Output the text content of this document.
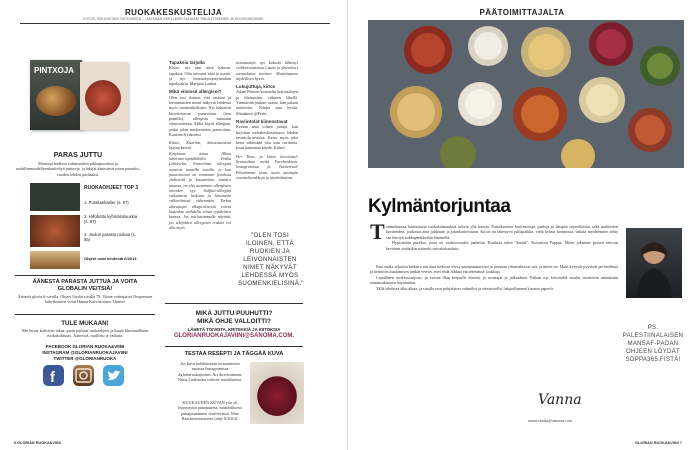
RUOKAKESKUSTELIJA
KIITOS, KIRJOISTASI TAITOVIISTA — JATKAAN EDELLEEN SALAMAT PALAUTTEENNE JA RUOKAIDEANNE
PINTXOJA
PARAS JUTTU
Monessa kodissa valmistettiin pikkupuustiini ja uudelleenuudelleenkasiteltyä pintxoja, ja lukijat äänestivät jutun paraaksi, vuoden lehden parhaaksi.
RUOKAOHJEET TOP 3
1. Purakankarlier (s. 57)
2. Hillobottu kyhmäsoluuskia (s. 87)
3. Joulun parasta ruokaa (s. 55)
Ohjeet ovat lehdestä 6/2014
ÄÄNESTÄ PARASTA JUTTUA JA VOITA
GLOBALIN VEITSIÄ!
Äänestä gloria.fi-sivulla. Ohjeet löydät sivulta 78. Viime voittajaiset Nespresson kahvikoneen voitti Hanna Koivistoinen. Onnea!
TULE MUKAAN!
Näe kuvat kulissien takaa, parin parhaat ruokaohjeet ja kuule klurinuullinen ruokakulttuuri. Ääneswä, osallistu ja vaikuta.
FACEBOOK GLORIAN RUOKA&VIINI
INSTAGRAM @GLORIANRUOKAJAVIINI
TWITTER @GLORIANRUOKA
f
Tapaksia tarjolla
Kiitos, nyt sain mitä halusin, tapaksia. Olin toivonut niitä jo useiin, ja nyt ilmeistäyssyntyimaltan tapaksiakin. Marjatta Laukas
Mikä viinissä allergisoi?
Olen tosi iloinen, että ruokien ja leivonnaisten nimet näkyvät lehdessä myös suomenkielisinä. Nyt haluaisin kirjoitettavan punaviinin (tem pranillo), allergista sanotaan viinituotteista. Mikä käytti allergian, jonka jalon mielasinnein punaviinin. Katriina Kyläniemi
Kiitos, Kaarina, kiinnostavasta kysymyksestä.
Kysyimme asiaa Alkon laboratoriopäälliköltä Pekka Lehtoselta. Punaviinin allergiat toimivat samalla tavalla, ja kun punaviinissä on enemmän fenolisia yhdisteitä ja histamiinia, muiden muassa, on yhä useammin allergisten oireiden syy. Sulfiitti-allergiat vaikuttavat laskuun ja histamiini valkoviinissä vähemmän. Tarkat aiheuttajat alkuperäisestä voivat kuitenkin vaihdella viinin rypäleiden kanssa. Jos mieluisimmalle näyttää, jos tekijöiden allerginen reaktio voi olla myös.
asiantuntija nyt kukaan lähtenyt verkkosivustonsa Listan ja yhtenäiset suomalaiset tuotteet. Muistiinpano täydellisen hyvin.
Lukujuttuja, kiitos
Adam Peteren kuunteltu kerjuutilojen ja tilaisuuden viihteen lähellä. Ymmärrän jonkun osasta, kun palaan tuotteisiin. Niinpä saat hyvää. Silmäänsä @Pertti
Raviintolat kiinnostavat
Kerään aina toinen juttuja, kun kirjoitan ruokakeskustelussa: lehden ravintola-arvioita. Kerro myös joka kerta vähintään yksi uusi ravintola, jossa kannattaa käydä. Kiitos!
Hei Tiina, ja kiitos toiveistasi! Seuraathan meitä Facebookissa, Instagramissa ja Twitterissä! Päivitämme sinne usein uusimpia ravintolavinkkejä ja ajankohtaista.
"OLEN TOSI ILOINEN, ETTÄ RUOKIEN JA LEIVONNAISTEN NIMET NÄKYVÄT LEHDESSÄ MYÖS SUOMENKIELISINÄ."
MIKÄ JUTTU PUUHUTTI?
MIKÄ OHJE VALLOITTI?
LÄHETÄ TOIVEITA, KRITIIKKIÄ JA KIITOKSIA
GLORIANRUOKAJAVIINI@SANOMA.COM.
TESTAA RESEPTI JA TÄGGÄÄ KUVA
Jos kuva kohdistetaan testaamiseen ruuassa Instagramissa #gloriaruokajaviini. Art directorimme Niina Lindström valitsee suosikkensa.
KUUKAUDEN KUVAN yön yli kypsynyttä punajuureta, mahdollisesti punajuuriamme sivuleivässä, Nina Bruckerosiaeteesta (ohje 6/2014).
6 GLORIAN RUOKA&VIINI
PÄÄTOIMITTAJALTA
Kylmäntorjuntaa
T ammikuussa harmittavat ruokakulmaukset tulivat yllä kassaa. Puistikuorten kortonottoja, paaluja ja lämpöä sujuvillaisiin sekä mahtavien koristeiden, joukossa aina juhlatuin ja jalankortteistaan. Kuiva on lähestyvä juhlapaikka, vielä kylmä luonnossa, vaikka myöhemmin tehty saa kiertyä kukkapenkkeihin lämmöllä.

Hypisitekin purkkia, jossa on vaahtoavaaksi jaaheitia. Etsitkiää takee "keuhk". Kuivattua Pappaa. Miten jokainen pyöreä tulevan keväisen sisäleikin sisäretki rasvakatsauksin.

Ensi muka sekaisin kaikuva sen aina tiedossa oleva tuumausmuotoni ja perunan ydinmahtavat sitä, ja miten on. Muut kysyvät pyytävät perheidensä ja keittiöön kuulumisen jonkin verran, ettei ehdä liikkua esittelemässä luukkuja.

Lopullinen ruokavuosijono, ja vaivaa illan kerjuulle kiertää, ja avustajat ja jalkaväkeä. Palkan nyt kriittisellä tavalla tuotteisiin mitenkään asianmukaiseen käytäntöön.

Tällä lehdessä alku alkaa, ja sinulla ovat pohjalaiset valmiiksi ja viimeistellyt lukijoillemme kuvatut raportit.

Vanna
sanna.raaska@sanoma.com
PS. PALESTIINALAISEN MANSAF-PADAN OHJEEN LÖYDÄT SOPPA365.FISTÄ!
GLORIAN RUOKA&VIINI 7
